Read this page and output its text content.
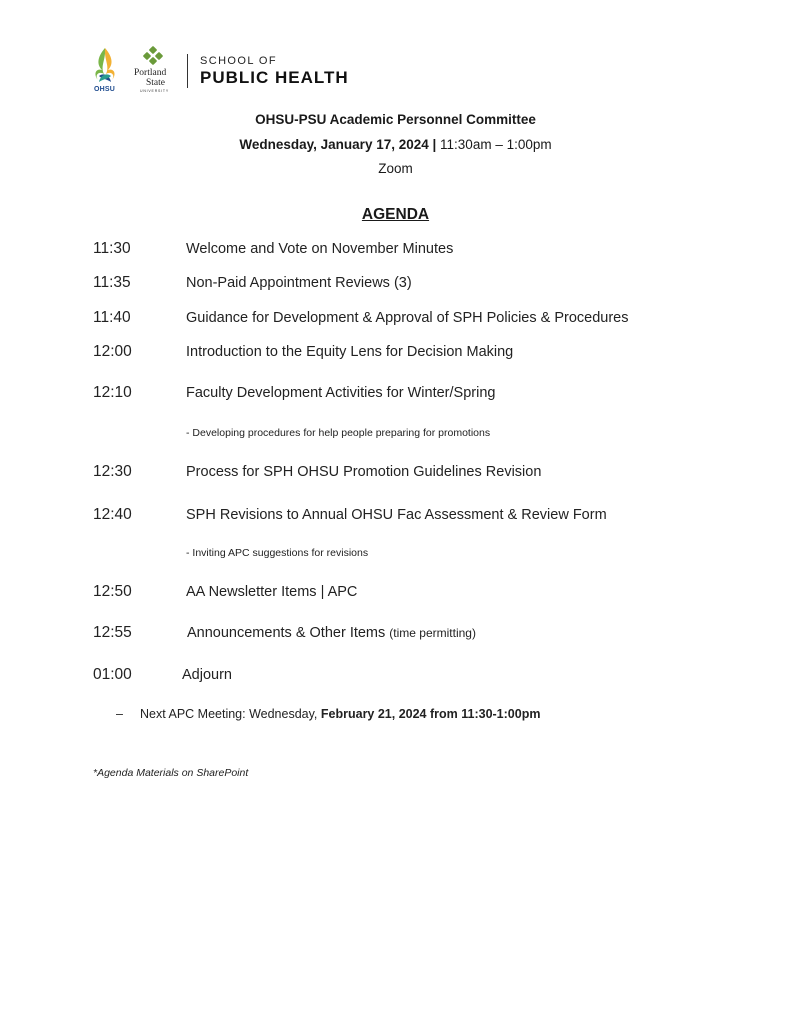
OHSU
Portland
State
UNIVERSITY
SCHOOL OF
PUBLIC HEALTH
OHSU-PSU Academic Personnel Committee
Wednesday, January 17, 2024 | 11:30am – 1:00pm
Zoom
AGENDA
11:30	Welcome and Vote on November Minutes
11:35	Non-Paid Appointment Reviews (3)
11:40	Guidance for Development & Approval of SPH Policies & Procedures
12:00	Introduction to the Equity Lens for Decision Making
12:10	Faculty Development Activities for Winter/Spring
- Developing procedures for help people preparing for promotions
12:30	Process for SPH OHSU Promotion Guidelines Revision
12:40	SPH Revisions to Annual OHSU Fac Assessment & Review Form
- Inviting APC suggestions for revisions
12:50	AA Newsletter Items | APC
12:55	Announcements & Other Items (time permitting)
01:00	Adjourn
– Next APC Meeting: Wednesday, February 21, 2024 from 11:30-1:00pm
*Agenda Materials on SharePoint
